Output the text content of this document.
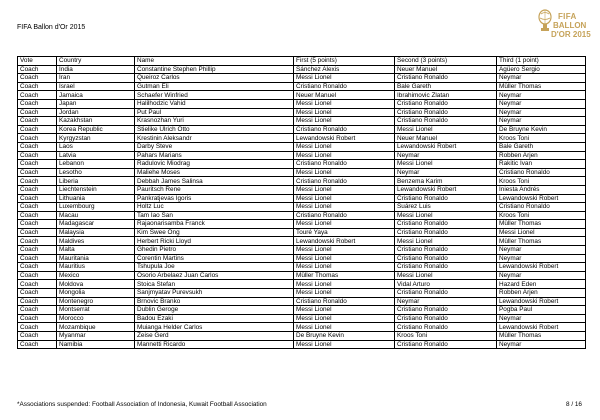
FIFA Ballon d'Or 2015
FIFA
BALLON
D'OR 2015
Vote	Country	Name	First (5 points)	Second (3 points)	Third (1 point)
Coach	India	Constantine Stephen Phillip	Sánchez Alexis	Neuer Manuel	Agüero Sergio
Coach	Iran	Queiroz Carlos	Messi Lionel	Cristiano Ronaldo	Neymar
Coach	Israel	Gutman Eli	Cristiano Ronaldo	Bale Gareth	Müller Thomas
Coach	Jamaica	Schaefer Winfried	Neuer Manuel	Ibrahimovic Zlatan	Neymar
Coach	Japan	Halilhodzic Vahid	Messi Lionel	Cristiano Ronaldo	Neymar
Coach	Jordan	Put Paul	Messi Lionel	Cristiano Ronaldo	Neymar
Coach	Kazakhstan	Krasnozhan Yuri	Messi Lionel	Cristiano Ronaldo	Neymar
Coach	Korea Republic	Stielike Ulrich Otto	Cristiano Ronaldo	Messi Lionel	De Bruyne Kevin
Coach	Kyrgyzstan	Krestinin Aleksandr	Lewandowski Robert	Neuer Manuel	Kroos Toni
Coach	Laos	Darby Steve	Messi Lionel	Lewandowski Robert	Bale Gareth
Coach	Latvia	Pahars Marians	Messi Lionel	Neymar	Robben Arjen
Coach	Lebanon	Radulovic Miodrag	Cristiano Ronaldo	Messi Lionel	Rakitic Ivan
Coach	Lesotho	Maliehe Moses	Messi Lionel	Neymar	Cristiano Ronaldo
Coach	Liberia	Debbah James Salinsa	Cristiano Ronaldo	Benzema Karim	Kroos Toni
Coach	Liechtenstein	Pauritsch Rene	Messi Lionel	Lewandowski Robert	Iniesta Andrés
Coach	Lithuania	Pankratjevas Igoris	Messi Lionel	Cristiano Ronaldo	Lewandowski Robert
Coach	Luxembourg	Holtz Luc	Messi Lionel	Suárez Luis	Cristiano Ronaldo
Coach	Macau	Tam Iao San	Cristiano Ronaldo	Messi Lionel	Kroos Toni
Coach	Madagascar	Rajaonarisamba Franck	Messi Lionel	Cristiano Ronaldo	Müller Thomas
Coach	Malaysia	Kim Swee Ong	Touré Yaya	Cristiano Ronaldo	Messi Lionel
Coach	Maldives	Herbert Ricki Lloyd	Lewandowski Robert	Messi Lionel	Müller Thomas
Coach	Malta	Ghedin Pietro	Messi Lionel	Cristiano Ronaldo	Neymar
Coach	Mauritania	Corentin Martins	Messi Lionel	Cristiano Ronaldo	Neymar
Coach	Mauritius	Tshupula Joe	Messi Lionel	Cristiano Ronaldo	Lewandowski Robert
Coach	Mexico	Osorio Arbelaez Juan Carlos	Müller Thomas	Messi Lionel	Neymar
Coach	Moldova	Stoica Stefan	Messi Lionel	Vidal Arturo	Hazard Eden
Coach	Mongolia	Sanjmyatav Purevsukh	Messi Lionel	Cristiano Ronaldo	Robben Arjen
Coach	Montenegro	Brnovic Branko	Cristiano Ronaldo	Neymar	Lewandowski Robert
Coach	Montserrat	Dublin Geroge	Messi Lionel	Cristiano Ronaldo	Pogba Paul
Coach	Morocco	Badou Ezaki	Messi Lionel	Cristiano Ronaldo	Neymar
Coach	Mozambique	Muianga Helder Carlos	Messi Lionel	Cristiano Ronaldo	Lewandowski Robert
Coach	Myanmar	Zeise Gerd	De Bruyne Kevin	Kroos Toni	Müller Thomas
Coach	Namibia	Mannetti Ricardo	Messi Lionel	Cristiano Ronaldo	Neymar
*Associations suspended: Football Association of Indonesia, Kuwait Football Association	8 / 16
